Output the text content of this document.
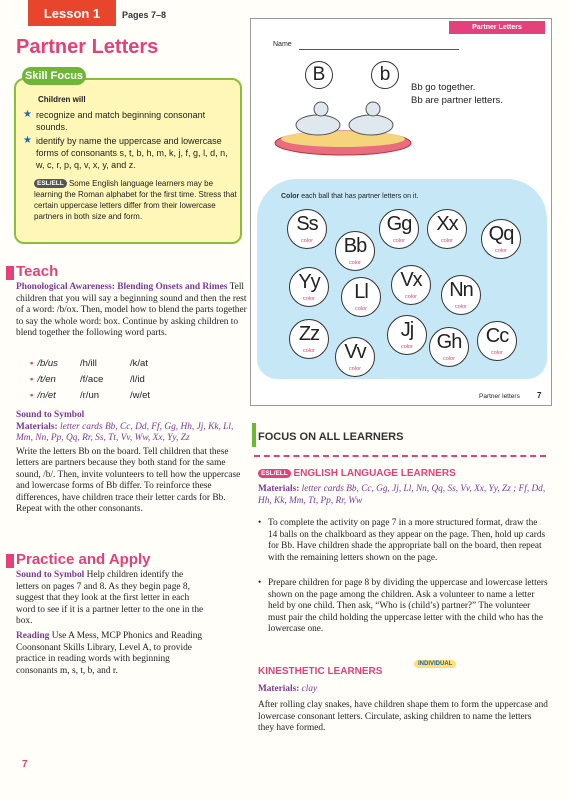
Lesson 1	Pages 7–8
Partner Letters
Skill Focus
Children will
★ recognize and match beginning consonant sounds.
★ identify by name the uppercase and lowercase forms of consonants s, t, b, h, m, k, j, f, g, l, d, n, w, c, r, p, q, v, x, y, and z.
ESL/ELL Some English language learners may be learning the Roman alphabet for the first time. Stress that certain uppercase letters differ from their lowercase partners in both size and form.
Teach
Phonological Awareness: Blending Onsets and Rimes Tell children that you will say a beginning sound and then the rest of a word: /b/ox. Then, model how to blend the parts together to say the whole word: box. Continue by asking children to blend together the following word parts.
• /b/us /h/ill	/k/at
• /t/en	/f/ace	/l/id
• /n/et	/r/un	/w/et
Sound to Symbol
Materials: letter cards Bb, Cc, Dd, Ff, Gg, Hh, Jj, Kk, Ll, Mm, Nn, Pp, Qq, Rr, Ss, Tt, Vv, Ww, Xx, Yy, Zz
Write the letters Bb on the board. Tell children that these letters are partners because they both stand for the same sound, /b/. Then, invite volunteers to tell how the uppercase and lowercase forms of Bb differ. To reinforce these differences, have children trace their letter cards for Bb. Repeat with the other consonants.
Practice and Apply
Sound to Symbol Help children identify the letters on pages 7 and 8. As they begin page 8, suggest that they look at the first letter in each word to see if it is a partner letter to the one in the box.
Reading Use A Mess, MCP Phonics and Reading Coonsonant Skills Library, Level A, to provide practice in reading words with beginning consonants m, s, t, b, and r.
7
Partner Letters
Name
B	b
Bb go together.
Bb are partner letters.
Color each ball that has partner letters on it.
Ss
color	Bb
color
Gg
color
Xx
color	Qq
color
Yy
color	Ll
color
Vx
color	Nn
color
Zz
color
Jj
color
Vv
color
Gh
color
Cc
color
Partner letters 7
FOCUS ON ALL LEARNERS
ESL/ELL ENGLISH LANGUAGE LEARNERS
Materials: letter cards Bb, Cc, Gg, Jj, Ll, Nn, Qq, Ss, Vv, Xx, Yy, Zz ; Ff, Dd, Hh, Kk, Mm, Tt, Pp, Rr, Ww
• To complete the activity on page 7 in a more structured format, draw the 14 balls on the chalkboard as they appear on the page. Then, hold up cards for Bb. Have children shade the appropriate ball on the board, then repeat with the remaining letters shown on the page.
• Prepare children for page 8 by dividing the uppercase and lowercase letters shown on the page among the children. Ask a volunteer to name a letter held by one child. Then ask, “Who is (child’s) partner?” The volunteer must pair the child holding the uppercase letter with the child who has the lowercase one.
KINESTHETIC LEARNERS
INDIVIDUAL
Materials: clay
After rolling clay snakes, have children shape them to form the uppercase and lowercase consonant letters. Circulate, asking children to name the letters they have formed.
